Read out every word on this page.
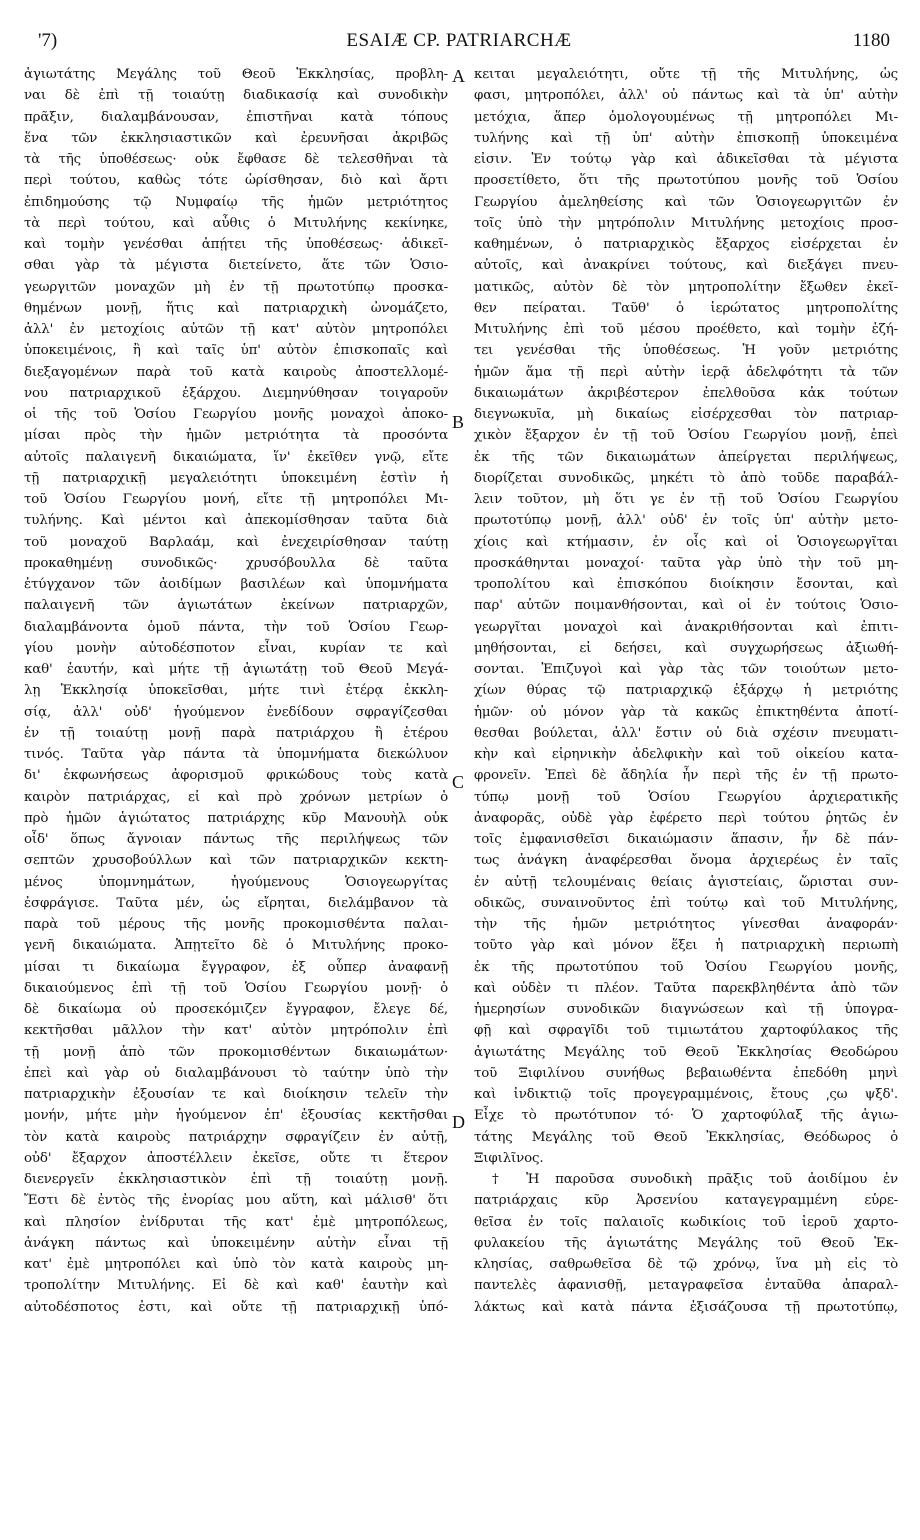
'7)	ESAIÆ CP. PATRIARCHÆ	1180
ἁγιωτάτης Μεγάλης τοῦ Θεοῦ Ἐκκλησίας, προβλη-
ναι δὲ ἐπὶ τῇ τοιαύτῃ διαδικασίᾳ καὶ συνοδικὴν
πρᾶξιν, διαλαμβάνουσαν, ἐπιστῆναι κατὰ τόπους
ἕνα τῶν ἐκκλησιαστικῶν καὶ ἐρευνῆσαι ἀκριβῶς
τὰ τῆς ὑποθέσεως· οὐκ ἔφθασε δὲ τελεσθῆναι τὰ
περὶ τούτου, καθὼς τότε ὡρίσθησαν, διὸ καὶ ἄρτι
ἐπιδημούσης τῷ Νυμφαίῳ τῆς ἡμῶν μετριότητος
τὰ περὶ τούτου, καὶ αὖθις ὁ Μιτυλήνης κεκίνηκε,
καὶ τομὴν γενέσθαι ἀπῄτει τῆς ὑποθέσεως· ἀδικεῖ-
σθαι γὰρ τὰ μέγιστα διετείνετο, ἅτε τῶν Ὁσιο-
γεωργιτῶν μοναχῶν μὴ ἐν τῇ πρωτοτύπῳ προσκα-
θημένων μονῇ, ἥτις καὶ πατριαρχικὴ ὠνομάζετο,
ἀλλ' ἐν μετοχίοις αὐτῶν τῇ κατ' αὐτὸν μητροπόλει
ὑποκειμένοις, ἢ καὶ ταῖς ὑπ' αὐτὸν ἐπισκοπαῖς καὶ
διεξαγομένων παρὰ τοῦ κατὰ καιροὺς ἀποστελλομέ-
νου πατριαρχικοῦ ἐξάρχου. Διεμηνύθησαν τοιγαροῦν
οἱ τῆς τοῦ Ὁσίου Γεωργίου μονῆς μοναχοὶ ἀποκο-
μίσαι πρὸς τὴν ἡμῶν μετριότητα τὰ προσόντα
αὐτοῖς παλαιγενῆ δικαιώματα, ἵν' ἐκεῖθεν γνῷ, εἴτε
τῇ πατριαρχικῇ μεγαλειότητι ὑποκειμένη ἐστὶν ἡ
τοῦ Ὁσίου Γεωργίου μονή, εἴτε τῇ μητροπόλει Μι-
τυλήνης. Καὶ μέντοι καὶ ἀπεκομίσθησαν ταῦτα διὰ
τοῦ μοναχοῦ Βαρλαάμ, καὶ ἐνεχειρίσθησαν ταύτῃ
προκαθημένῃ συνοδικῶς· χρυσόβουλλα δὲ ταῦτα
ἐτύγχανον τῶν ἀοιδίμων βασιλέων καὶ ὑπομνήματα
παλαιγενῆ τῶν ἁγιωτάτων ἐκείνων πατριαρχῶν,
διαλαμβάνοντα ὁμοῦ πάντα, τὴν τοῦ Ὁσίου Γεωρ-
γίου μονὴν αὐτοδέσποτον εἶναι, κυρίαν τε καὶ
καθ' ἑαυτήν, καὶ μήτε τῇ ἁγιωτάτῃ τοῦ Θεοῦ Μεγά-
λῃ Ἐκκλησίᾳ ὑποκεῖσθαι, μήτε τινὶ ἑτέρᾳ ἐκκλη-
σίᾳ, ἀλλ' οὐδ' ἡγούμενον ἐνεδίδουν σφραγίζεσθαι
ἐν τῇ τοιαύτῃ μονῇ παρὰ πατριάρχου ἢ ἑτέρου
τινός. Ταῦτα γὰρ πάντα τὰ ὑπομνήματα διεκώλυον
δι' ἐκφωνήσεως ἀφορισμοῦ φρικώδους τοὺς κατὰ
καιρὸν πατριάρχας, εἰ καὶ πρὸ χρόνων μετρίων ὁ
πρὸ ἡμῶν ἁγιώτατος πατριάρχης κῦρ Μανουὴλ οὐκ
οἶδ' ὅπως ἄγνοιαν πάντως τῆς περιλήψεως τῶν
σεπτῶν χρυσοβούλλων καὶ τῶν πατριαρχικῶν κεκτη-
μένος ὑπομνημάτων, ἡγούμενους Ὁσιογεωργίτας
ἐσφράγισε. Ταῦτα μέν, ὡς εἴρηται, διελάμβανον τὰ
παρὰ τοῦ μέρους τῆς μονῆς προκομισθέντα παλαι-
γενῆ δικαιώματα. Ἀπῃτεῖτο δὲ ὁ Μιτυλήνης προκο-
μίσαι τι δικαίωμα ἔγγραφον, ἐξ οὗπερ ἀναφανῇ
δικαιούμενος ἐπὶ τῇ τοῦ Ὁσίου Γεωργίου μονῇ· ὁ
δὲ δικαίωμα οὐ προσεκόμιζεν ἔγγραφον, ἔλεγε δέ,
κεκτῆσθαι μᾶλλον τὴν κατ' αὐτὸν μητρόπολιν ἐπὶ
τῇ μονῇ ἀπὸ τῶν προκομισθέντων δικαιωμάτων·
ἐπεὶ καὶ γὰρ οὐ διαλαμβάνουσι τὸ ταύτην ὑπὸ τὴν
πατριαρχικὴν ἐξουσίαν τε καὶ διοίκησιν τελεῖν τὴν
μονήν, μήτε μὴν ἡγούμενον ἐπ' ἐξουσίας κεκτῆσθαι
τὸν κατὰ καιροὺς πατριάρχην σφραγίζειν ἐν αὐτῇ,
οὐδ' ἔξαρχον ἀποστέλλειν ἐκεῖσε, οὔτε τι ἕτερον
διενεργεῖν ἐκκλησιαστικὸν ἐπὶ τῇ τοιαύτῃ μονῇ.
Ἔστι δὲ ἐντὸς τῆς ἐνορίας μου αὕτη, καὶ μάλισθ' ὅτι
καὶ πλησίον ἐνίδρυται τῆς κατ' ἐμὲ μητροπόλεως,
ἀνάγκη πάντως καὶ ὑποκειμένην αὐτὴν εἶναι τῇ
κατ' ἐμὲ μητροπόλει καὶ ὑπὸ τὸν κατὰ καιροὺς μη-
τροπολίτην Μιτυλήνης. Εἰ δὲ καὶ καθ' ἑαυτὴν καὶ
αὐτοδέσποτος ἐστι, καὶ οὔτε τῇ πατριαρχικῇ ὑπό-
κειται μεγαλειότητι, οὔτε τῇ τῆς Μιτυλήνης, ὡς
φασι, μητροπόλει, ἀλλ' οὐ πάντως καὶ τὰ ὑπ' αὐτὴν
μετόχια, ἅπερ ὁμολογουμένως τῇ μητροπόλει Μι-
τυλήνης καὶ τῇ ὑπ' αὐτὴν ἐπισκοπῇ ὑποκειμένα
εἰσιν. Ἐν τούτῳ γὰρ καὶ ἀδικεῖσθαι τὰ μέγιστα
προσετίθετο, ὅτι τῆς πρωτοτύπου μονῆς τοῦ Ὁσίου
Γεωργίου ἀμεληθείσης καὶ τῶν Ὁσιογεωργιτῶν ἐν
τοῖς ὑπὸ τὴν μητρόπολιν Μιτυλήνης μετοχίοις προσ-
καθημένων, ὁ πατριαρχικὸς ἔξαρχος εἰσέρχεται ἐν
αὐτοῖς, καὶ ἀνακρίνει τούτους, καὶ διεξάγει πνευ-
ματικῶς, αὐτὸν δὲ τὸν μητροπολίτην ἔξωθεν ἐκεῖ-
θεν πείραται. Ταῦθ' ὁ ἱερώτατος μητροπολίτης
Μιτυλήνης ἐπὶ τοῦ μέσου προέθετο, καὶ τομὴν ἐζή-
τει γενέσθαι τῆς ὑποθέσεως. Ἡ γοῦν μετριότης
ἡμῶν ἅμα τῇ περὶ αὐτὴν ἱερᾷ ἀδελφότητι τὰ τῶν
δικαιωμάτων ἀκριβέστερον ἐπελθοῦσα κἀκ τούτων
διεγνωκυῖα, μὴ δικαίως εἰσέρχεσθαι τὸν πατριαρ-
χικὸν ἔξαρχον ἐν τῇ τοῦ Ὁσίου Γεωργίου μονῇ, ἐπεὶ
ἐκ τῆς τῶν δικαιωμάτων ἀπείργεται περιλήψεως,
διορίζεται συνοδικῶς, μηκέτι τὸ ἀπὸ τοῦδε παραβάλ-
λειν τοῦτον, μὴ ὅτι γε ἐν τῇ τοῦ Ὁσίου Γεωργίου
πρωτοτύπῳ μονῇ, ἀλλ' οὐδ' ἐν τοῖς ὑπ' αὐτὴν μετο-
χίοις καὶ κτήμασιν, ἐν οἷς καὶ οἱ Ὁσιογεωργῖται
προσκάθηνται μοναχοί· ταῦτα γὰρ ὑπὸ τὴν τοῦ μη-
τροπολίτου καὶ ἐπισκόπου διοίκησιν ἔσονται, καὶ
παρ' αὐτῶν ποιμανθήσονται, καὶ οἱ ἐν τούτοις Ὁσιο-
γεωργῖται μοναχοὶ καὶ ἀνακριθήσονται καὶ ἐπιτι-
μηθήσονται, εἰ δεήσει, καὶ συγχωρήσεως ἀξιωθή-
σονται. Ἐπιζυγοὶ καὶ γὰρ τὰς τῶν τοιούτων μετο-
χίων θύρας τῷ πατριαρχικῷ ἐξάρχῳ ἡ μετριότης
ἡμῶν· οὐ μόνον γὰρ τὰ κακῶς ἐπικτηθέντα ἀποτί-
θεσθαι βούλεται, ἀλλ' ἔστιν οὐ διὰ σχέσιν πνευματι-
κὴν καὶ εἰρηνικὴν ἀδελφικὴν καὶ τοῦ οἰκείου κατα-
φρονεῖν. Ἐπεὶ δὲ ἄδηλία ἦν περὶ τῆς ἐν τῇ πρωτο-
τύπῳ μονῇ τοῦ Ὁσίου Γεωργίου ἀρχιερατικῆς
ἀναφορᾶς, οὐδὲ γὰρ ἐφέρετο περὶ τούτου ῥητῶς ἐν
τοῖς ἐμφανισθεῖσι δικαιώμασιν ἅπασιν, ἦν δὲ πάν-
τως ἀνάγκη ἀναφέρεσθαι ὄνομα ἀρχιερέως ἐν ταῖς
ἐν αὐτῇ τελουμέναις θείαις ἁγιστείαις, ὥρισται συν-
οδικῶς, συναινοῦντος ἐπὶ τούτῳ καὶ τοῦ Μιτυλήνης,
τὴν τῆς ἡμῶν μετριότητος γίνεσθαι ἀναφοράν·
τοῦτο γὰρ καὶ μόνον ἕξει ἡ πατριαρχικὴ περιωπὴ
ἐκ τῆς πρωτοτύπου τοῦ Ὁσίου Γεωργίου μονῆς,
καὶ οὐδὲν τι πλέον. Ταῦτα παρεκβληθέντα ἀπὸ τῶν
ἡμερησίων συνοδικῶν διαγνώσεων καὶ τῇ ὑπογρα-
φῇ καὶ σφραγῖδι τοῦ τιμιωτάτου χαρτοφύλακος τῆς
ἁγιωτάτης Μεγάλης τοῦ Θεοῦ Ἐκκλησίας Θεοδώρου
τοῦ Ξιφιλίνου συνήθως βεβαιωθέντα ἐπεδόθη μηνὶ
καὶ ἰνδικτιῷ τοῖς προγεγραμμένοις, ἔτους ͵ςω ψξδ'.
Εἶχε τὸ πρωτότυπον τό· Ὁ χαρτοφύλαξ τῆς ἁγιω-
τάτης Μεγάλης τοῦ Θεοῦ Ἐκκλησίας, Θεόδωρος ὁ
Ξιφιλῖνος.
† Ἡ παροῦσα συνοδικὴ πρᾶξις τοῦ ἀοιδίμου ἐν
πατριάρχαις κῦρ Ἀρσενίου καταγεγραμμένη εὑρε-
θεῖσα ἐν τοῖς παλαιοῖς κωδικίοις τοῦ ἱεροῦ χαρτο-
φυλακείου τῆς ἁγιωτάτης Μεγάλης τοῦ Θεοῦ Ἐκ-
κλησίας, σαθρωθεῖσα δὲ τῷ χρόνῳ, ἵνα μὴ εἰς τὸ
παντελὲς ἀφανισθῇ, μεταγραφεῖσα ἐνταῦθα ἀπαραλ-
λάκτως καὶ κατὰ πάντα ἐξισάζουσα τῇ πρωτοτύπῳ,
A
B
C
D
